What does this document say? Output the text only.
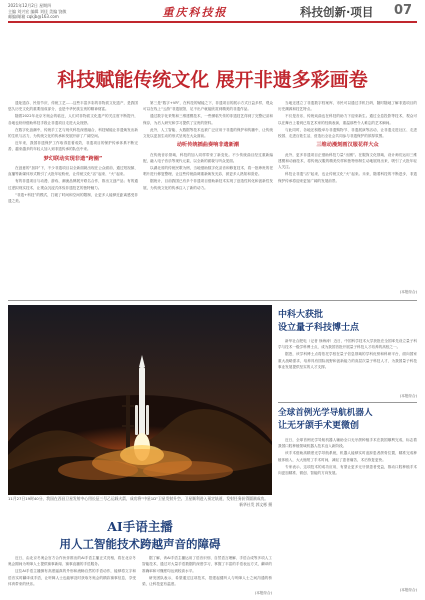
2021年12月2日 星期四
主编 刘兴宏 编辑 刘佳 美编 饶敏
邮编/邮箱 cqkjb@163.com	重庆科技报	科技创新·项目 07
科技赋能传统文化 展开非遗多彩画卷

遗址遗存、民俗节庆、传统工艺……这些丰富多彩的非物质文化遗产，是我国悠久历史文化的重要组成部分，也是中华民族宝贵的精神财富。

随着2022年北京冬奥会的临近，人们对非物质文化遗产的关注度不断提升，各地也纷纷借助科技手段让非遗项目走进大众视野。

在数字化浪潮中，传统手工艺与现代科技深度融合，科技赋能让非遗焕发出新的生机与活力，为传统文化的传承和发展开辟了广阔空间。

近年来，我国非遗保护工作取得显著成效，非遗项目的保护传承体系不断完善，越来越多的年轻人加入到非遗传承的队伍中来。

梦幻联动实现非遗“跨圈”

在创意的“加持”下，不少非遗项目以全新面貌出现在公众面前，通过短视频、直播等新媒体形式吸引了大批年轻粉丝，让传统文化“活”起来、“火”起来。

有的非遗项目与动漫、游戏、潮流品牌展开联名合作，推出文创产品；有的通过虚拟现实技术，让观众沉浸式体验非遗技艺的独特魅力。

“非遗+科技”的模式，打破了时间和空间的限制，让更多人能够近距离感受非遗之美。

第三是“数字+VR”，在科技的赋能之下，非遗项目的展示方式日益多样，观众可以在线上“云游”非遗展馆，足不出户就能欣赏到精美的非遗作品。

通过数字化采集和三维建模技术，一些濒临失传的非遗技艺得到了完整记录和保存，为后人研究和学习提供了宝贵的资料。

此外，人工智能、大数据等技术也被广泛应用于非遗的保护和传播中，让传统文化以更加生动的形式呈现在大众面前。

动听传统插曲奏响非遗新潮

在传统音乐领域，科技的加入同样带来了新变化。不少传统曲目经过重新编配，融入电子音乐等现代元素，以全新的面貌与听众见面。

以湖北省的传统民歌为例，当地借助数字化录音和修复技术，将一批珍贵的老唱片进行修复整理，让这些传统曲调重新焕发光彩，被更多人熟知和喜爱。

据统计，目前我国已有多个非遗项目借助新技术实现了创造性转化和创新性发展，为传统文化的传承注入了新的动力。

当地还建立了非遗数字档案库，市民可以通过手机扫码，随时随地了解非遗项目的历史渊源和技艺特点。

不仅是音乐，传统戏曲也在科技的助力下迎来新生。通过全息投影等技术，观众可以在舞台上看到已故艺术家的经典表演，重温那些令人难忘的艺术瞬间。

与此同时，各地还积极举办非遗购物节、非遗展演等活动，让非遗走进社区、走进校园、走进百姓生活，营造出全社会共同参与非遗保护的浓厚氛围。

三维动漫刻画汉服花样大众

此外，更多非遗项目正借助科技力量“出圈”。在服饰文化领域，设计师们运用三维建模和动画技术，将传统汉服的精美纹样和独特形制生动地展现出来，吸引了大批年轻人关注。

科技让非遗“活”起来，也让传统文化“火”起来。未来，随着科技的不断进步，非遗保护传承将迎来更加广阔的发展前景。

(本报综合)
11月27日19时40分，我国在西昌卫星发射中心用长征三号乙运载火箭，成功将“中星1D”卫星发射升空。卫星顺利进入预定轨道，发射任务获得圆满成功。
新华社发 郭文彬 摄
中科大获批
设立量子科技博士点

新华社合肥电（记者 徐海涛）近日，中国科学技术大学获批在全国率先设立量子科学与技术一级学科博士点，成为我国首批开展量子科技人才培养的高校之一。

据悉，该学科博士点将依托学校在量子信息领域的学科优势和科研平台，面向国家重大战略需求，培养具有国际视野和创新能力的高层次量子科技人才，为我国量子科技事业发展提供坚实的人才支撑。

(本报综合)
全球首例光学导航机器人
让无牙颌手术更微创

近日，全球首例光学导航机器人辅助全口无牙颌种植手术在我国顺利完成，标志着我国口腔种植领域机器人技术迈入新阶段。

该手术借助高精度光学导航系统，机器人能够实时追踪患者颌骨位置，精准完成种植体植入，大大缩短了手术时间，减轻了患者痛苦，术后恢复更快。

专家表示，这项技术的成功应用，有望让更多无牙颌患者受益，推动口腔种植手术向更加精准、微创、智能的方向发展。

(本报综合)
AI手语主播
用人工智能技术跨越声音的障碍

近日，由北京冬奥会官方合作伙伴推出的AI手语主播正式亮相，将在北京冬奥会期间为听障人士提供赛事新闻、赛事直播的手语服务。

这位AI手语主播拥有高度逼真的外形和流畅自然的手语动作，能够将文字和语音实时翻译成手语，让听障人士也能够及时获取冬奥会的精彩赛事信息，享受体育带来的快乐。

据了解，该AI手语主播运用了语音识别、自然语言理解、手语合成等多项人工智能技术，通过对大量手语数据的深度学习，掌握了丰富的手语表达方式，翻译的准确率和可懂度均达到较高水平。

研发团队表示，希望通过这项技术，搭建起健听人与听障人士之间沟通的桥梁，让科技更有温度。

(本报综合)
